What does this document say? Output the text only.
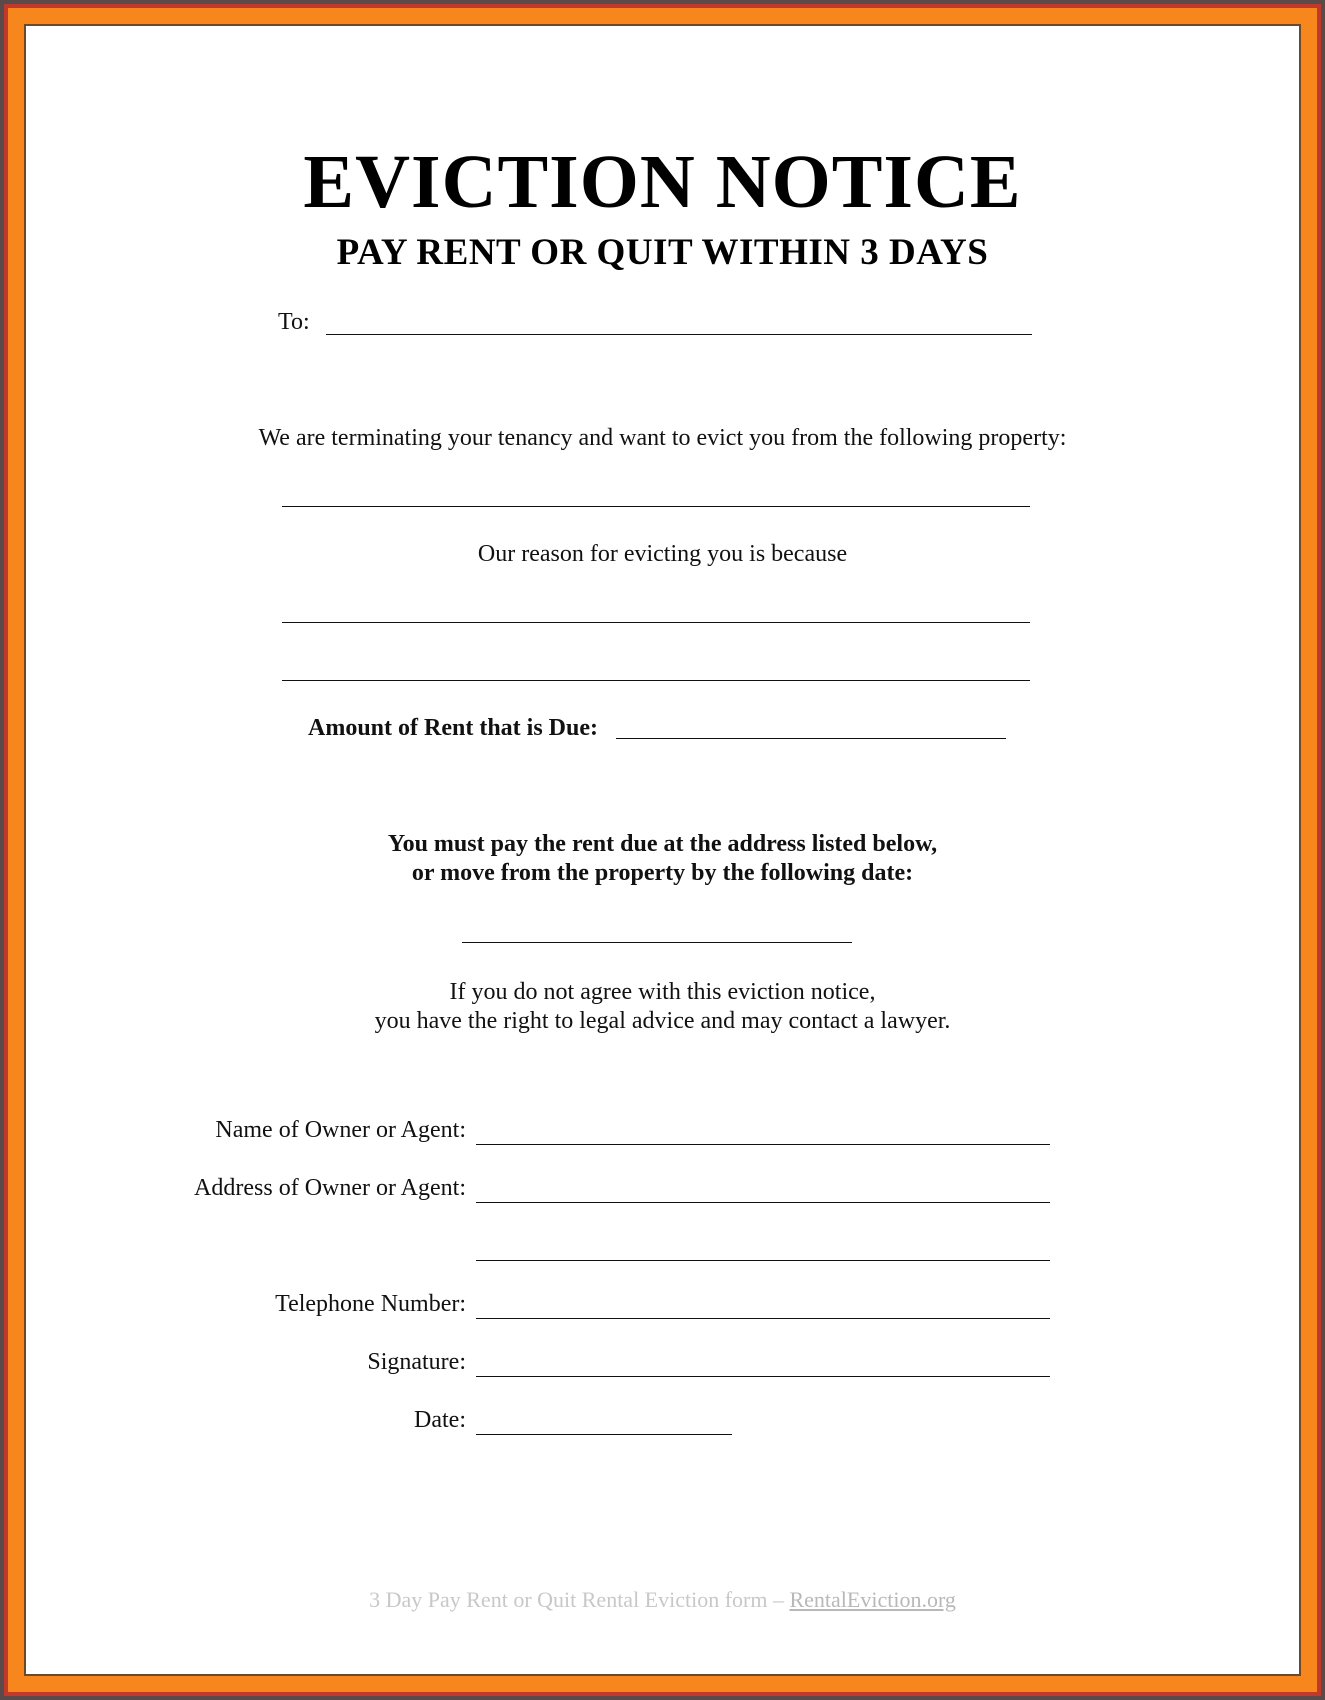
EVICTION NOTICE
PAY RENT OR QUIT WITHIN 3 DAYS
To:
We are terminating your tenancy and want to evict you from the following property:
Our reason for evicting you is because
Amount of Rent that is Due:
You must pay the rent due at the address listed below,
or move from the property by the following date:
If you do not agree with this eviction notice,
you have the right to legal advice and may contact a lawyer.
Name of Owner or Agent:
Address of Owner or Agent:
Telephone Number:
Signature:
Date:
3 Day Pay Rent or Quit Rental Eviction form – RentalEviction.org
